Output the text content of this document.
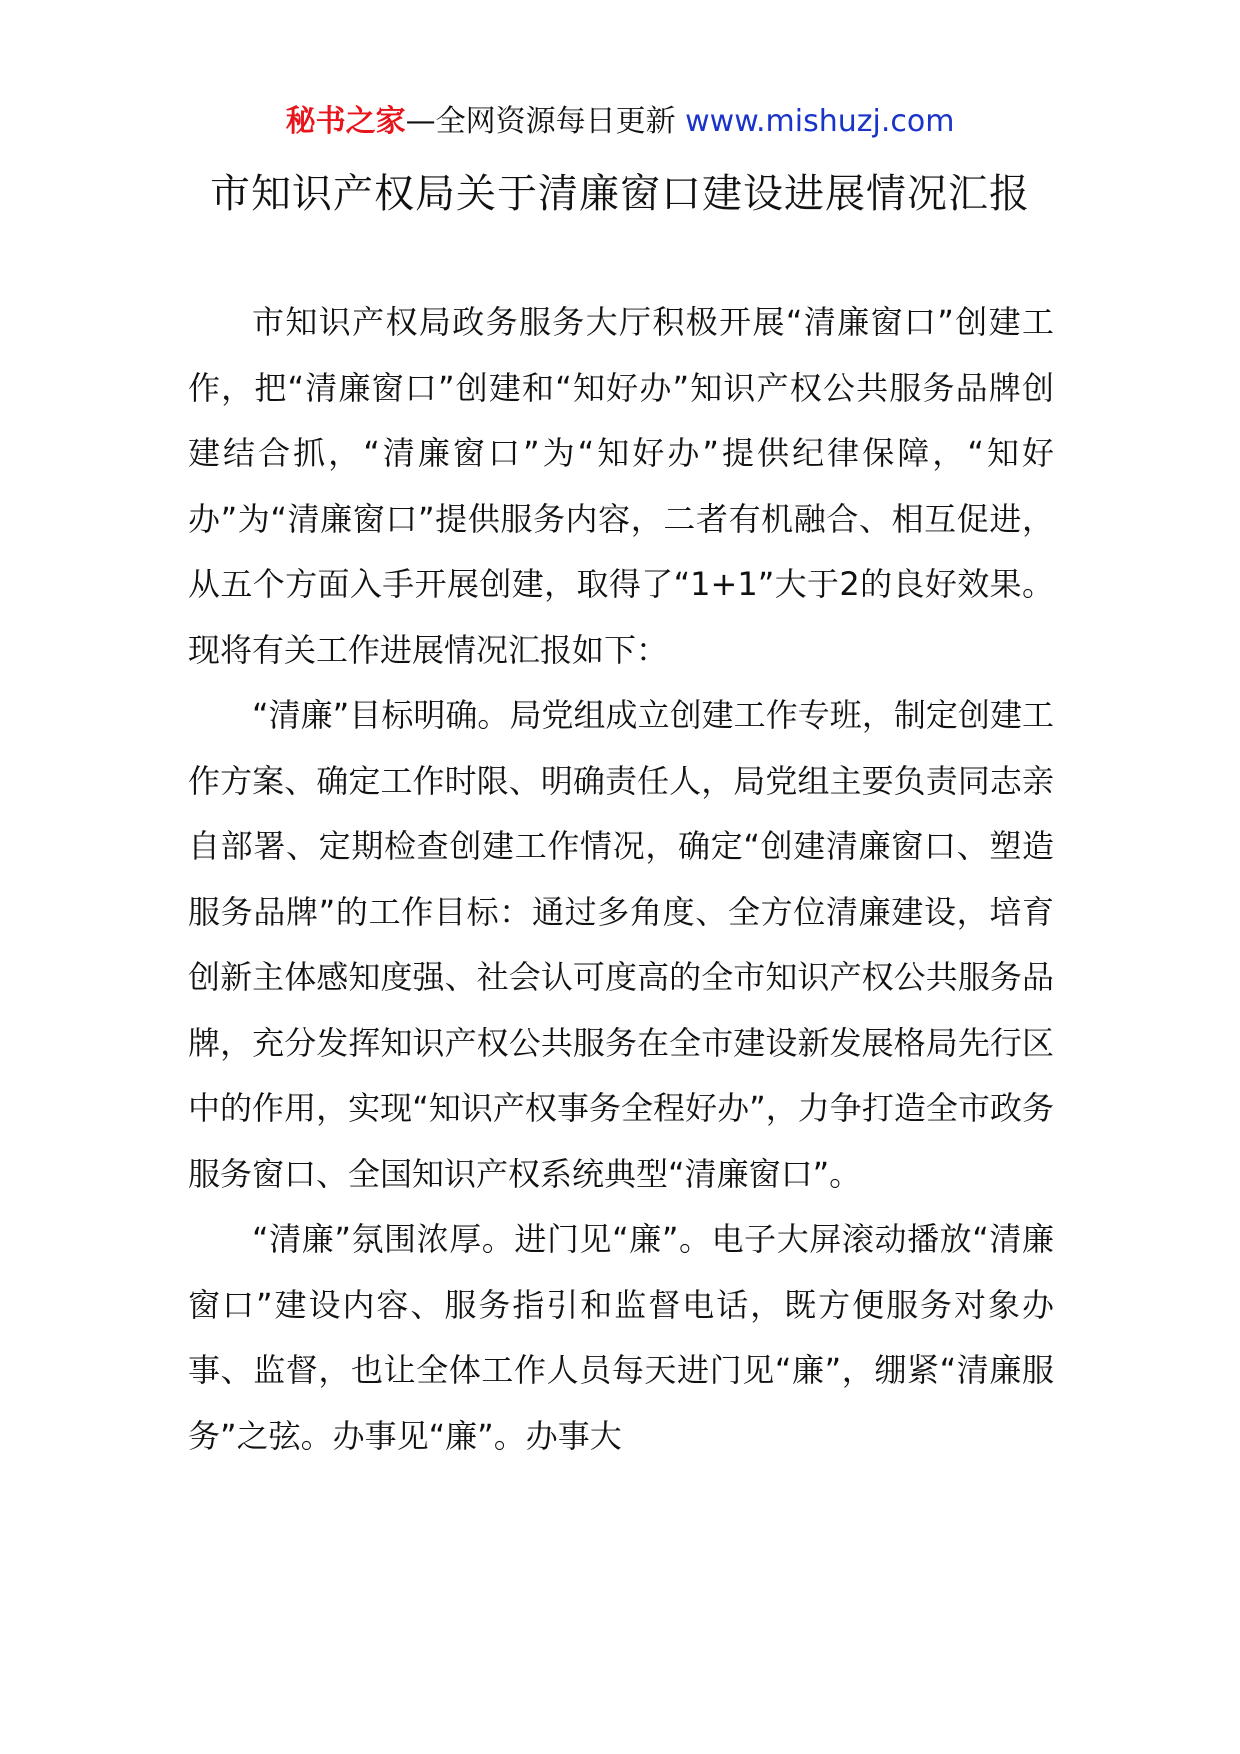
秘书之家—全网资源每日更新 www.mishuzj.com
市知识产权局关于清廉窗口建设进展情况汇报

市知识产权局政务服务大厅积极开展“清廉窗口”创建工作，把“清廉窗口”创建和“知好办”知识产权公共服务品牌创建结合抓，“清廉窗口”为“知好办”提供纪律保障，“知好办”为“清廉窗口”提供服务内容，二者有机融合、相互促进，从五个方面入手开展创建，取得了“1+1”大于2的良好效果。现将有关工作进展情况汇报如下：

“清廉”目标明确。局党组成立创建工作专班，制定创建工作方案、确定工作时限、明确责任人，局党组主要负责同志亲自部署、定期检查创建工作情况，确定“创建清廉窗口、塑造服务品牌”的工作目标：通过多角度、全方位清廉建设，培育创新主体感知度强、社会认可度高的全市知识产权公共服务品牌，充分发挥知识产权公共服务在全市建设新发展格局先行区中的作用，实现“知识产权事务全程好办”，力争打造全市政务服务窗口、全国知识产权系统典型“清廉窗口”。

“清廉”氛围浓厚。进门见“廉”。电子大屏滚动播放“清廉窗口”建设内容、服务指引和监督电话，既方便服务对象办事、监督，也让全体工作人员每天进门见“廉”，绷紧“清廉服务”之弦。办事见“廉”。办事大
